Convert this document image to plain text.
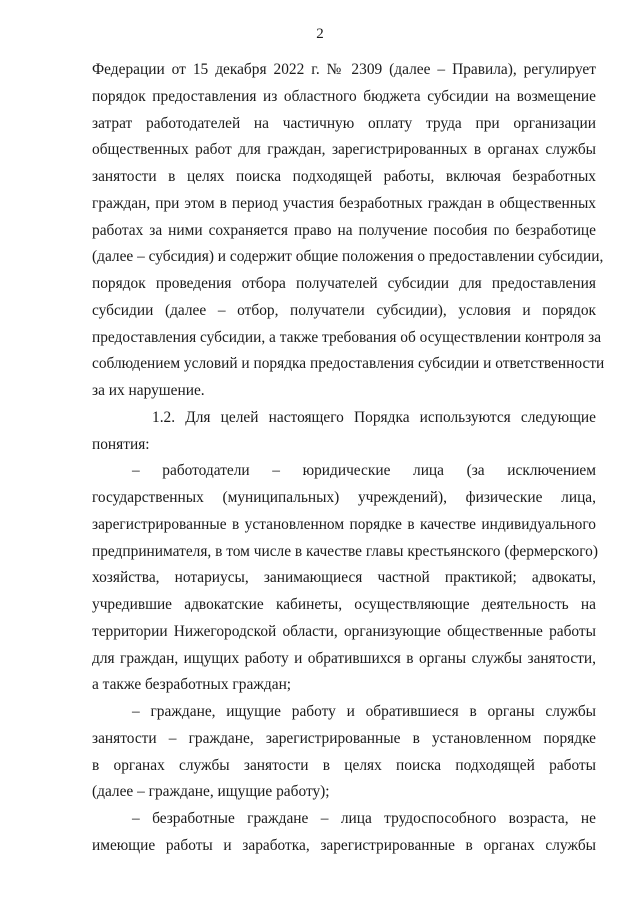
2
Федерации от 15 декабря 2022 г. № 2309 (далее – Правила), регулирует
порядок предоставления из областного бюджета субсидии на возмещение
затрат работодателей на частичную оплату труда при организации
общественных работ для граждан, зарегистрированных в органах службы
занятости в целях поиска подходящей работы, включая безработных
граждан, при этом в период участия безработных граждан в общественных
работах за ними сохраняется право на получение пособия по безработице
(далее – субсидия) и содержит общие положения о предоставлении субсидии,
порядок проведения отбора получателей субсидии для предоставления
субсидии (далее – отбор, получатели субсидии), условия и порядок
предоставления субсидии, а также требования об осуществлении контроля за
соблюдением условий и порядка предоставления субсидии и ответственности
за их нарушение.
1.2. Для целей настоящего Порядка используются следующие
понятия:
– работодатели – юридические лица (за исключением
государственных (муниципальных) учреждений), физические лица,
зарегистрированные в установленном порядке в качестве индивидуального
предпринимателя, в том числе в качестве главы крестьянского (фермерского)
хозяйства, нотариусы, занимающиеся частной практикой; адвокаты,
учредившие адвокатские кабинеты, осуществляющие деятельность на
территории Нижегородской области, организующие общественные работы
для граждан, ищущих работу и обратившихся в органы службы занятости,
а также безработных граждан;
– граждане, ищущие работу и обратившиеся в органы службы
занятости – граждане, зарегистрированные в установленном порядке
в органах службы занятости в целях поиска подходящей работы
(далее – граждане, ищущие работу);
– безработные граждане – лица трудоспособного возраста, не
имеющие работы и заработка, зарегистрированные в органах службы
